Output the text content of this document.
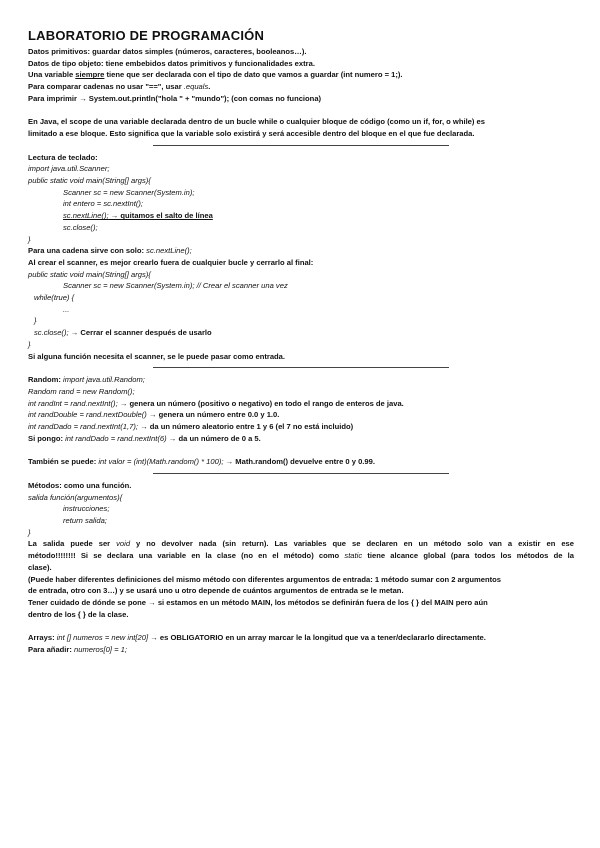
LABORATORIO DE PROGRAMACIÓN
Datos primitivos: guardar datos simples (números, caracteres, booleanos…).
Datos de tipo objeto: tiene embebidos datos primitivos y funcionalidades extra.
Una variable siempre tiene que ser declarada con el tipo de dato que vamos a guardar (int numero = 1;).
Para comparar cadenas no usar "==", usar .equals.
Para imprimir → System.out.println("hola " + "mundo"); (con comas no funciona)
En Java, el scope de una variable declarada dentro de un bucle while o cualquier bloque de código (como un if, for, o while) es
limitado a ese bloque. Esto significa que la variable solo existirá y será accesible dentro del bloque en el que fue declarada.
Lectura de teclado:
import java.util.Scanner;
public static void main(String[] args){
Scanner sc = new Scanner(System.in);
int entero = sc.nextInt();
sc.nextLine(); → quitamos el salto de línea
sc.close();
}
Para una cadena sirve con solo: sc.nextLine();
Al crear el scanner, es mejor crearlo fuera de cualquier bucle y cerrarlo al final:
public static void main(String[] args){
Scanner sc = new Scanner(System.in); // Crear el scanner una vez
while(true) {
...
}
sc.close(); → Cerrar el scanner después de usarlo
}
Si alguna función necesita el scanner, se le puede pasar como entrada.
Random: import java.util.Random;
Random rand = new Random();
int randInt = rand.nextInt(); → genera un número (positivo o negativo) en todo el rango de enteros de java.
int randDouble = rand.nextDouble() → genera un número entre 0.0 y 1.0.
int randDado = rand.nextInt(1,7); → da un número aleatorio entre 1 y 6 (el 7 no está incluido)
Si pongo: int randDado = rand.nextInt(6) → da un número de 0 a 5.
También se puede: int valor = (int)(Math.random() * 100); → Math.random() devuelve entre 0 y 0.99.
Métodos: como una función.
salida función(argumentos){
instrucciones;
return salida;
}
La salida puede ser void y no devolver nada (sin return). Las variables que se declaren en un método solo van a existir en ese
método!!!!!!!! Si se declara una variable en la clase (no en el método) como static tiene alcance global (para todos los métodos de la
clase).
(Puede haber diferentes definiciones del mismo método con diferentes argumentos de entrada: 1 método sumar con 2 argumentos
de entrada, otro con 3…) y se usará uno u otro depende de cuántos argumentos de entrada se le metan.
Tener cuidado de dónde se pone → si estamos en un método MAIN, los métodos se definirán fuera de los { } del MAIN pero aún
dentro de los { } de la clase.
Arrays: int [] numeros = new int[20] → es OBLIGATORIO en un array marcar le la longitud que va a tener/declararlo directamente.
Para añadir: numeros[0] = 1;
